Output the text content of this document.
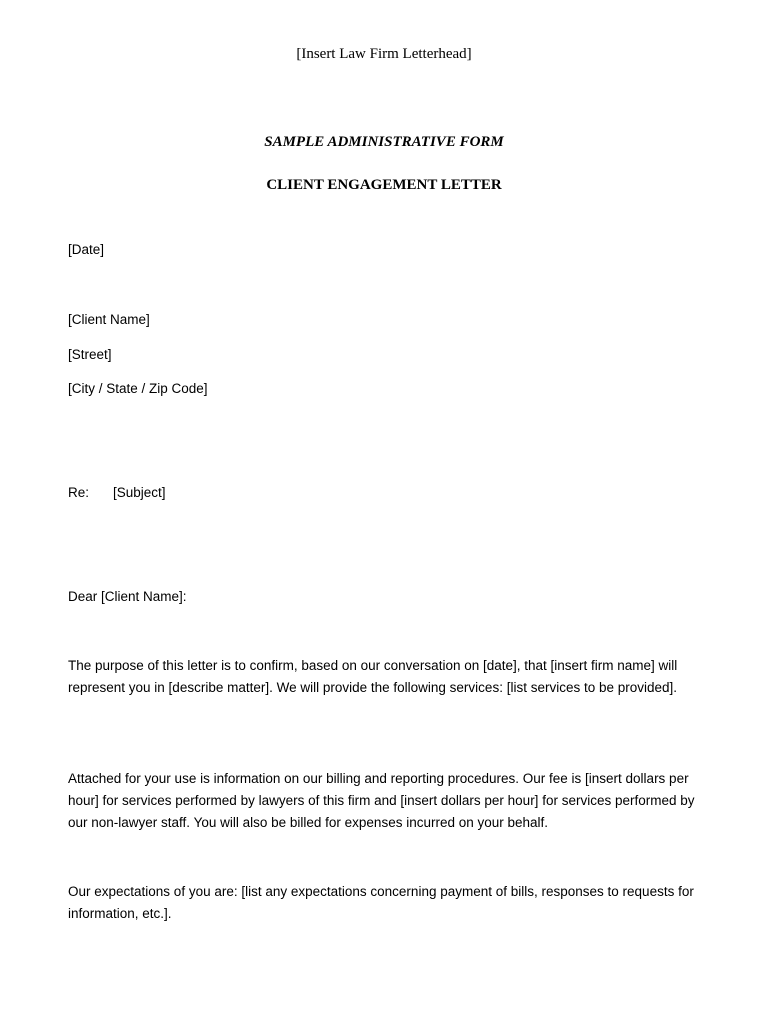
[Insert Law Firm Letterhead]
SAMPLE ADMINISTRATIVE FORM
CLIENT ENGAGEMENT LETTER
[Date]
[Client Name]
[Street]
[City / State / Zip Code]
Re: [Subject]
Dear [Client Name]:

The purpose of this letter is to confirm, based on our conversation on [date], that [insert firm name] will represent you in [describe matter]. We will provide the following services: [list services to be provided].

Attached for your use is information on our billing and reporting procedures. Our fee is [insert dollars per hour] for services performed by lawyers of this firm and [insert dollars per hour] for services performed by our non-lawyer staff. You will also be billed for expenses incurred on your behalf.

Our expectations of you are: [list any expectations concerning payment of bills, responses to requests for information, etc.].
